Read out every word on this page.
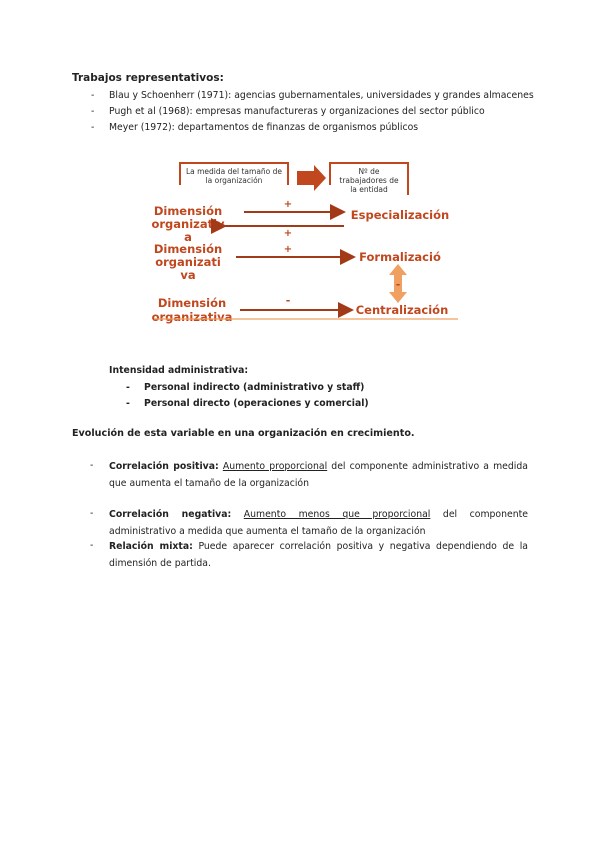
Trabajos representativos:
- Blau y Schoenherr (1971): agencias gubernamentales, universidades y grandes almacenes
- Pugh et al (1968): empresas manufactureras y organizaciones del sector público
- Meyer (1972): departamentos de finanzas de organismos públicos
La medida del tamaño de
la organización
Nº de
trabajadores de
la entidad
Dimensión
organizativ
a
+
+
Especialización
Dimensión
organizati
va
+
Formalizació
-
Dimensión
organizativa
-
Centralización
Intensidad administrativa:
- Personal indirecto (administrativo y staff)
- Personal directo (operaciones y comercial)
Evolución de esta variable en una organización en crecimiento.
- Correlación positiva: Aumento proporcional del componente administrativo a medida que aumenta el tamaño de la organización
- Correlación negativa: Aumento menos que proporcional del componente administrativo a medida que aumenta el tamaño de la organización
- Relación mixta: Puede aparecer correlación positiva y negativa dependiendo de la dimensión de partida.
